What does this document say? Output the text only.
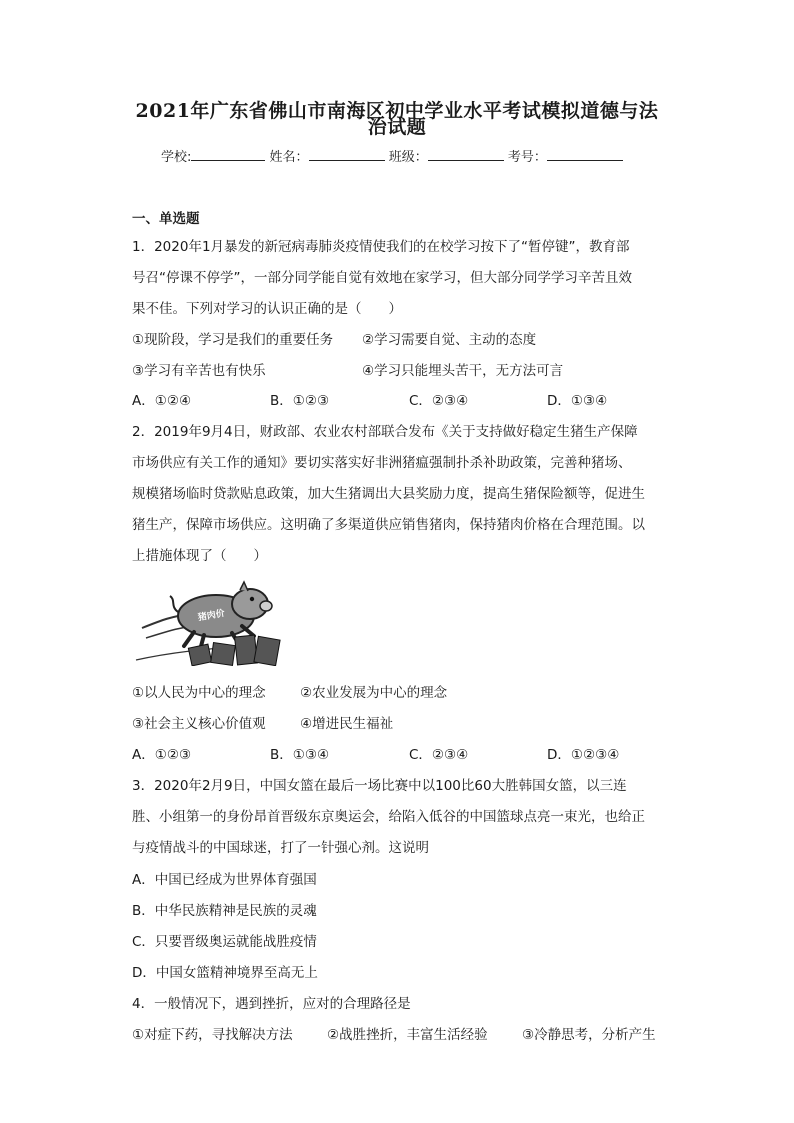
2021年广东省佛山市南海区初中学业水平考试模拟道德与法
治试题
学校:	姓名：	班级：	考号：
一、单选题
1．2020年1月暴发的新冠病毒肺炎疫情使我们的在校学习按下了“暂停键”，教育部
号召“停课不停学”，一部分同学能自觉有效地在家学习，但大部分同学学习辛苦且效
果不佳。下列对学习的认识正确的是（　　）
①现阶段，学习是我们的重要任务 ②学习需要自觉、主动的态度
③学习有辛苦也有快乐	④学习只能埋头苦干，无方法可言
A．①②④	B．①②③	C．②③④	D．①③④
2．2019年9月4日，财政部、农业农村部联合发布《关于支持做好稳定生猪生产保障
市场供应有关工作的通知》要切实落实好非洲猪瘟强制扑杀补助政策，完善种猪场、
规模猪场临时贷款贴息政策，加大生猪调出大县奖励力度，提高生猪保险额等，促进生
猪生产，保障市场供应。这明确了多渠道供应销售猪肉，保持猪肉价格在合理范围。以
上措施体现了（　　）
猪肉价
①以人民为中心的理念	②农业发展为中心的理念
③社会主义核心价值观	④增进民生福祉
A．①②③	B．①③④	C．②③④	D．①②③④
3．2020年2月9日，中国女篮在最后一场比赛中以100比60大胜韩国女篮，以三连
胜、小组第一的身份昂首晋级东京奥运会，给陷入低谷的中国篮球点亮一束光，也给正
与疫情战斗的中国球迷，打了一针强心剂。这说明
A．中国已经成为世界体育强国
B．中华民族精神是民族的灵魂
C．只要晋级奥运就能战胜疫情
D．中国女篮精神境界至高无上
4．一般情况下，遇到挫折，应对的合理路径是
①对症下药，寻找解决方法	②战胜挫折，丰富生活经验	③冷静思考，分析产生
